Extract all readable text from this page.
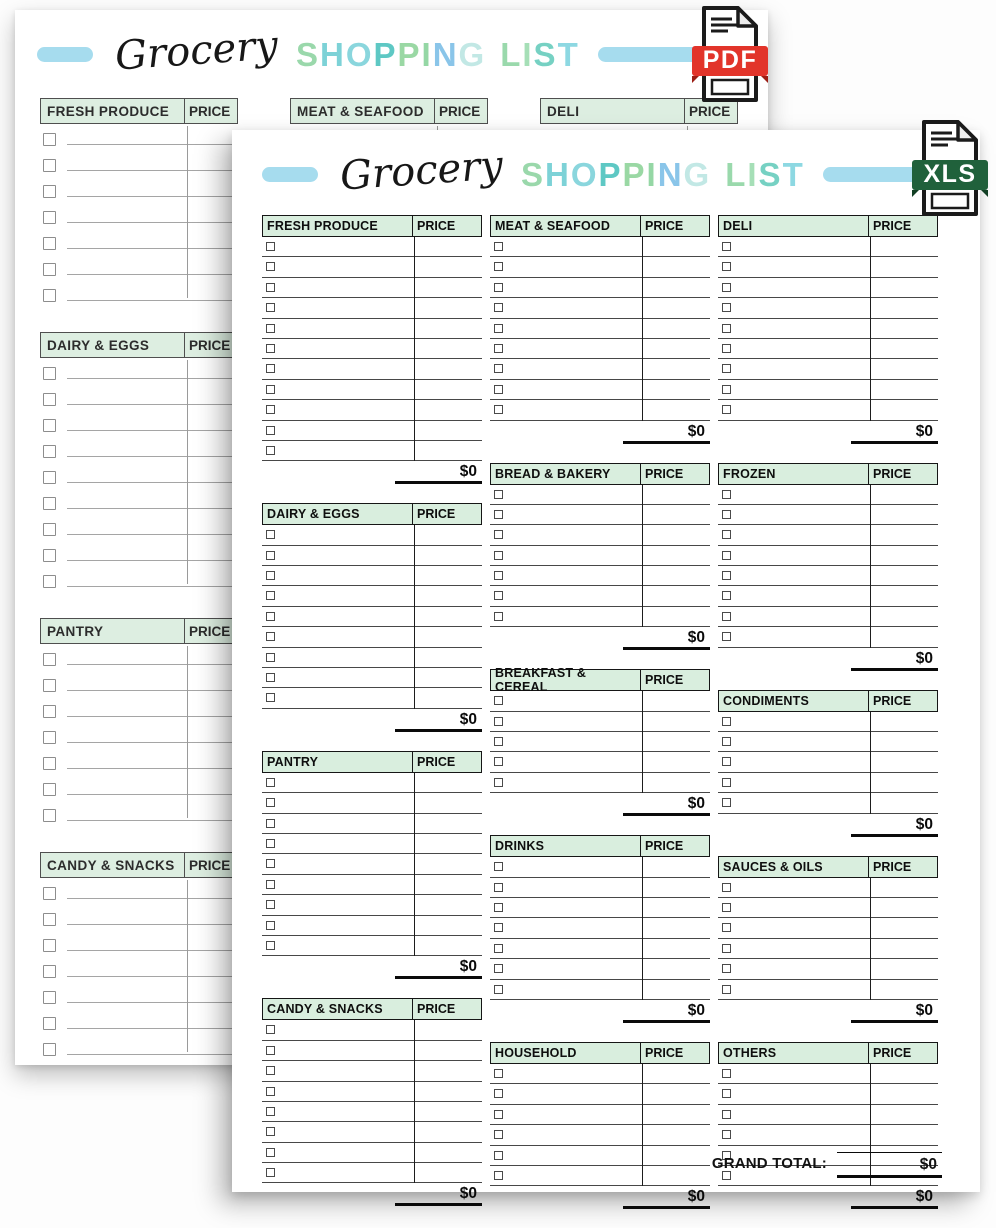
Grocery SHOPPING LIST
FRESH PRODUCE	PRICE
DAIRY & EGGS	PRICE
PANTRY	PRICE
CANDY & SNACKS	PRICE
MEAT & SEAFOOD	PRICE	DELI	PRICE
PDF
Grocery SHOPPING LIST
FRESH PRODUCE	PRICE
$0
DAIRY & EGGS	PRICE
$0
PANTRY	PRICE
$0
CANDY & SNACKS	PRICE
$0
MEAT & SEAFOOD	PRICE
$0
BREAD & BAKERY	PRICE
$0
BREAKFAST & CEREAL	PRICE
$0
DRINKS	PRICE
$0
HOUSEHOLD	PRICE
$0
DELI	PRICE
$0
FROZEN	PRICE
$0
CONDIMENTS	PRICE
$0
SAUCES & OILS	PRICE
$0
OTHERS	PRICE
$0
GRAND TOTAL:	$0
XLS
